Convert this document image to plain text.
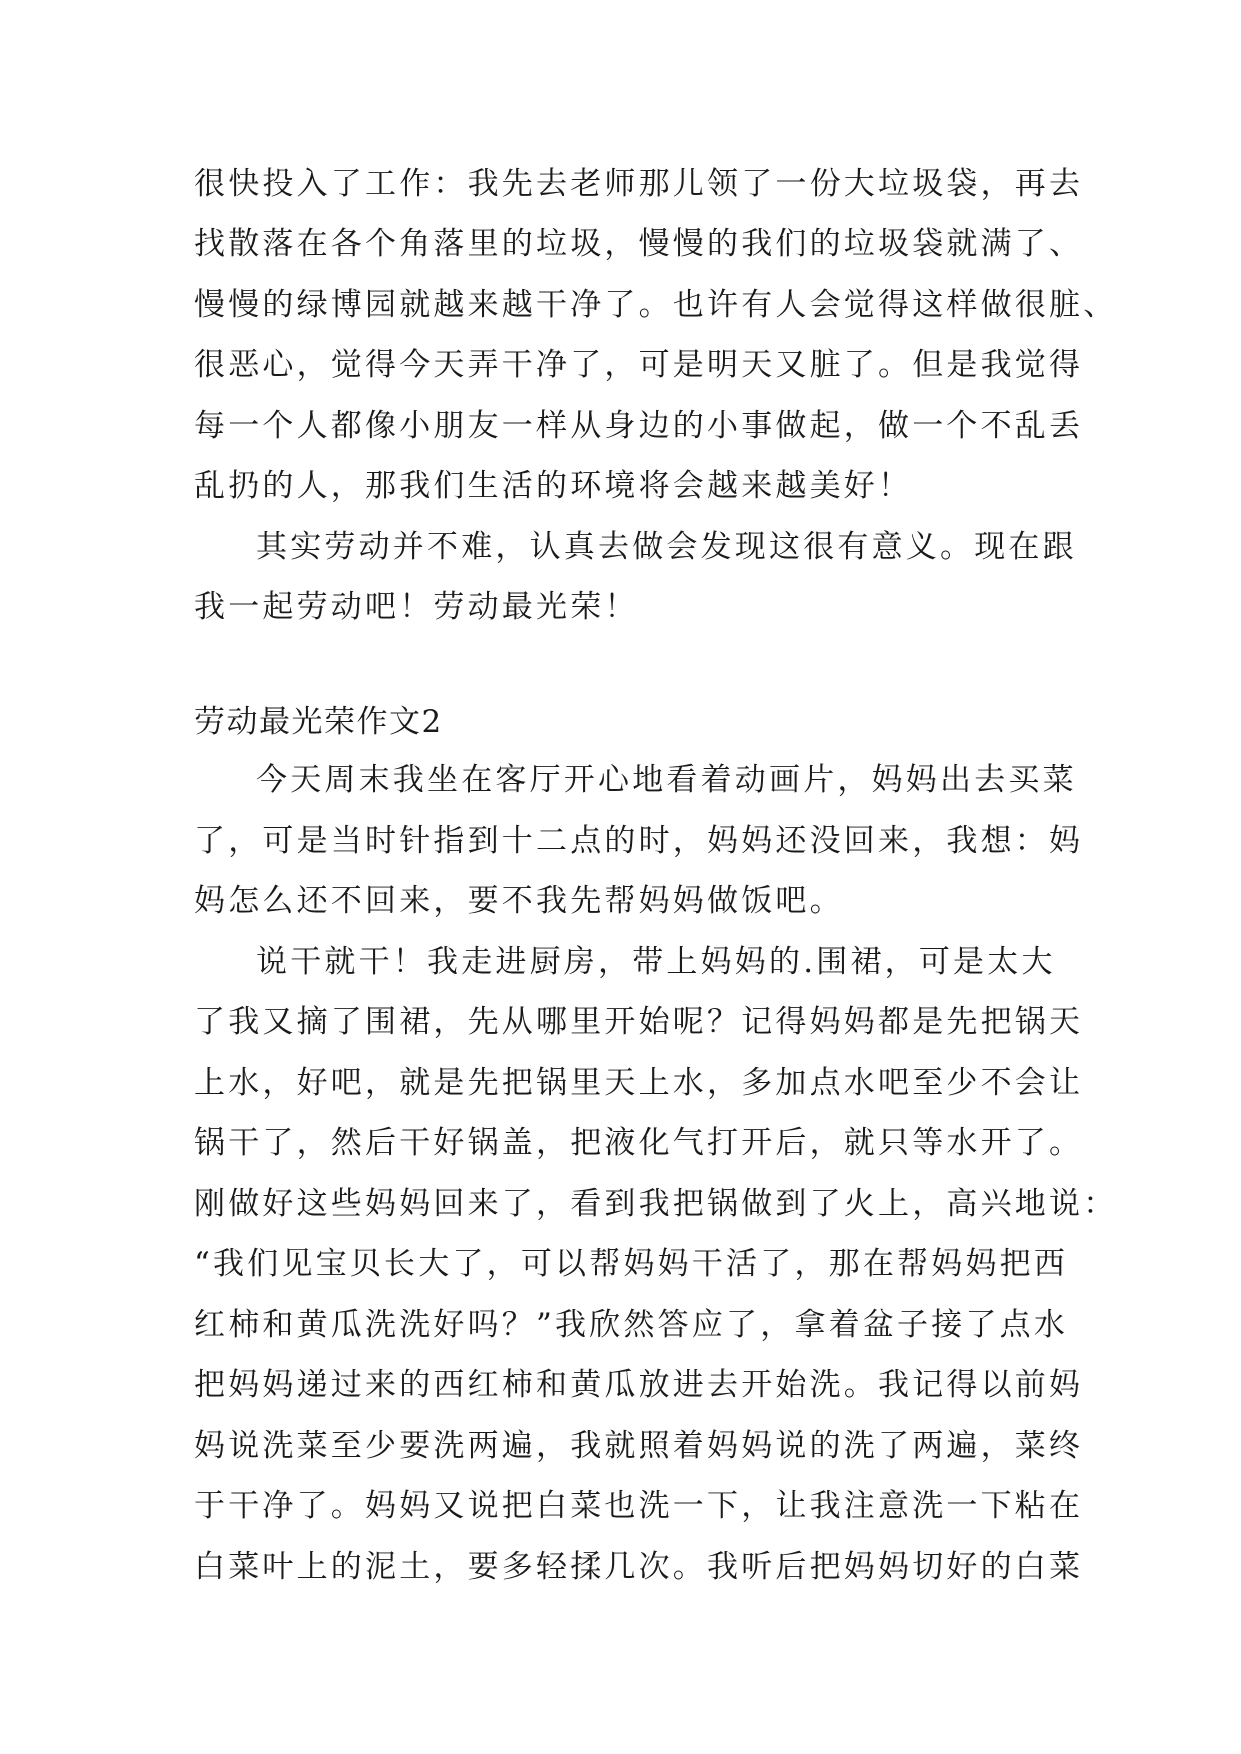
很快投入了工作：我先去老师那儿领了一份大垃圾袋，再去
找散落在各个角落里的垃圾，慢慢的我们的垃圾袋就满了、
慢慢的绿博园就越来越干净了。也许有人会觉得这样做很脏、
很恶心，觉得今天弄干净了，可是明天又脏了。但是我觉得
每一个人都像小朋友一样从身边的小事做起，做一个不乱丢
乱扔的人，那我们生活的环境将会越来越美好！
其实劳动并不难，认真去做会发现这很有意义。现在跟
我一起劳动吧！劳动最光荣！
劳动最光荣作文2
今天周末我坐在客厅开心地看着动画片，妈妈出去买菜
了，可是当时针指到十二点的时，妈妈还没回来，我想：妈
妈怎么还不回来，要不我先帮妈妈做饭吧。
说干就干！我走进厨房，带上妈妈的.围裙，可是太大
了我又摘了围裙，先从哪里开始呢？记得妈妈都是先把锅天
上水，好吧，就是先把锅里天上水，多加点水吧至少不会让
锅干了，然后干好锅盖，把液化气打开后，就只等水开了。
刚做好这些妈妈回来了，看到我把锅做到了火上，高兴地说：
“我们见宝贝长大了，可以帮妈妈干活了，那在帮妈妈把西
红柿和黄瓜洗洗好吗？”我欣然答应了，拿着盆子接了点水
把妈妈递过来的西红柿和黄瓜放进去开始洗。我记得以前妈
妈说洗菜至少要洗两遍，我就照着妈妈说的洗了两遍，菜终
于干净了。妈妈又说把白菜也洗一下，让我注意洗一下粘在
白菜叶上的泥土，要多轻揉几次。我听后把妈妈切好的白菜
